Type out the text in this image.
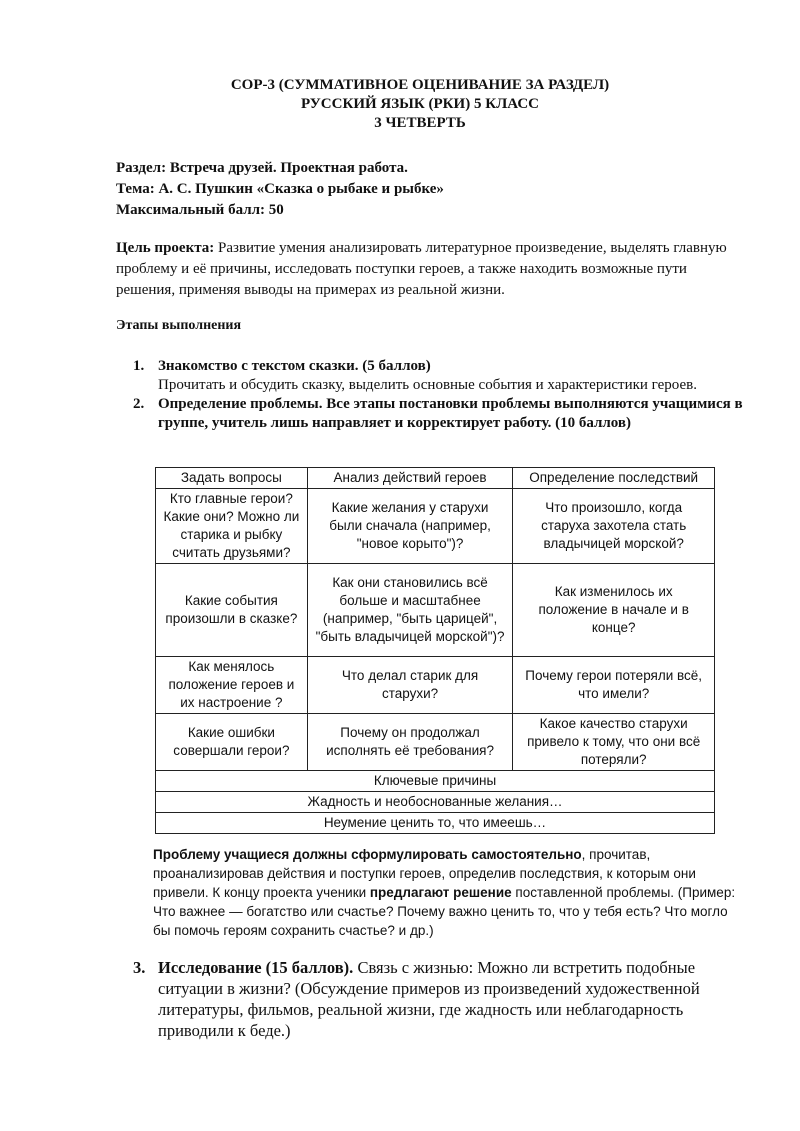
СОР-3 (СУММАТИВНОЕ ОЦЕНИВАНИЕ ЗА РАЗДЕЛ)
РУССКИЙ ЯЗЫК (РКИ) 5 КЛАСС
3 ЧЕТВЕРТЬ
Раздел: Встреча друзей. Проектная работа.
Тема: А. С. Пушкин «Сказка о рыбаке и рыбке»
Максимальный балл: 50
Цель проекта: Развитие умения анализировать литературное произведение, выделять главную проблему и её причины, исследовать поступки героев, а также находить возможные пути решения, применяя выводы на примерах из реальной жизни.
Этапы выполнения
1. Знакомство с текстом сказки. (5 баллов)
Прочитать и обсудить сказку, выделить основные события и характеристики героев.
2. Определение проблемы. Все этапы постановки проблемы выполняются учащимися в группе, учитель лишь направляет и корректирует работу. (10 баллов)
Задать вопросы	Анализ действий героев	Определение последствий
Кто главные герои? Какие они? Можно ли старика и рыбку считать друзьями?	Какие желания у старухи были сначала (например, "новое корыто")?	Что произошло, когда старуха захотела стать владычицей морской?
Какие события произошли в сказке?	Как они становились всё больше и масштабнее (например, "быть царицей", "быть владычицей морской")?	Как изменилось их положение в начале и в конце?
Как менялось положение героев и их настроение ?	Что делал старик для старухи?	Почему герои потеряли всё, что имели?
Какие ошибки совершали герои?	Почему он продолжал исполнять её требования?	Какое качество старухи привело к тому, что они всё потеряли?
Ключевые причины		
Жадность и необоснованные желания…		
Неумение ценить то, что имеешь…		
Проблему учащиеся должны сформулировать самостоятельно, прочитав, проанализировав действия и поступки героев, определив последствия, к которым они привели. К концу проекта ученики предлагают решение поставленной проблемы. (Пример: Что важнее — богатство или счастье? Почему важно ценить то, что у тебя есть? Что могло бы помочь героям сохранить счастье? и др.)
3. Исследование (15 баллов). Связь с жизнью: Можно ли встретить подобные ситуации в жизни? (Обсуждение примеров из произведений художественной литературы, фильмов, реальной жизни, где жадность или неблагодарность приводили к беде.)
